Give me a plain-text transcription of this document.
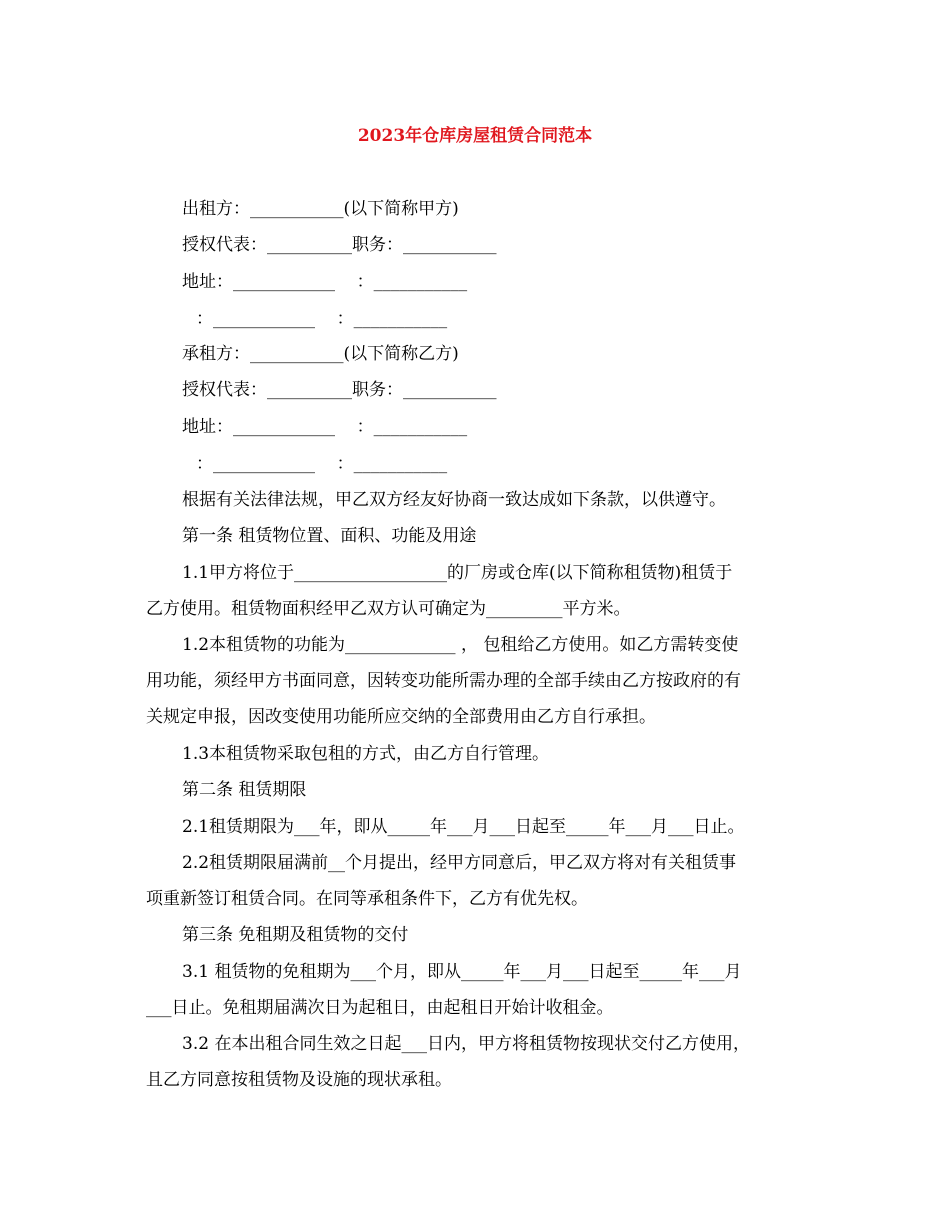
2023年仓库房屋租赁合同范本
出租方：___________(以下简称甲方)
授权代表：__________职务：___________
地址：____________    ：___________
：____________    ：___________
承租方：___________(以下简称乙方)
授权代表：__________职务：___________
地址：____________    ：___________
：____________    ：___________
根据有关法律法规，甲乙双方经友好协商一致达成如下条款，以供遵守。
第一条 租赁物位置、面积、功能及用途
1.1甲方将位于__________________的厂房或仓库(以下简称租赁物)租赁于
乙方使用。租赁物面积经甲乙双方认可确定为_________平方米。
1.2本租赁物的功能为_____________ ， 包租给乙方使用。如乙方需转变使
用功能，须经甲方书面同意，因转变功能所需办理的全部手续由乙方按政府的有
关规定申报，因改变使用功能所应交纳的全部费用由乙方自行承担。
1.3本租赁物采取包租的方式，由乙方自行管理。
第二条 租赁期限
2.1租赁期限为___年，即从_____年___月___日起至_____年___月___日止。
2.2租赁期限届满前__个月提出，经甲方同意后，甲乙双方将对有关租赁事
项重新签订租赁合同。在同等承租条件下，乙方有优先权。
第三条 免租期及租赁物的交付
3.1 租赁物的免租期为___个月，即从_____年___月___日起至_____年___月
___日止。免租期届满次日为起租日，由起租日开始计收租金。
3.2 在本出租合同生效之日起___日内，甲方将租赁物按现状交付乙方使用，
且乙方同意按租赁物及设施的现状承租。
